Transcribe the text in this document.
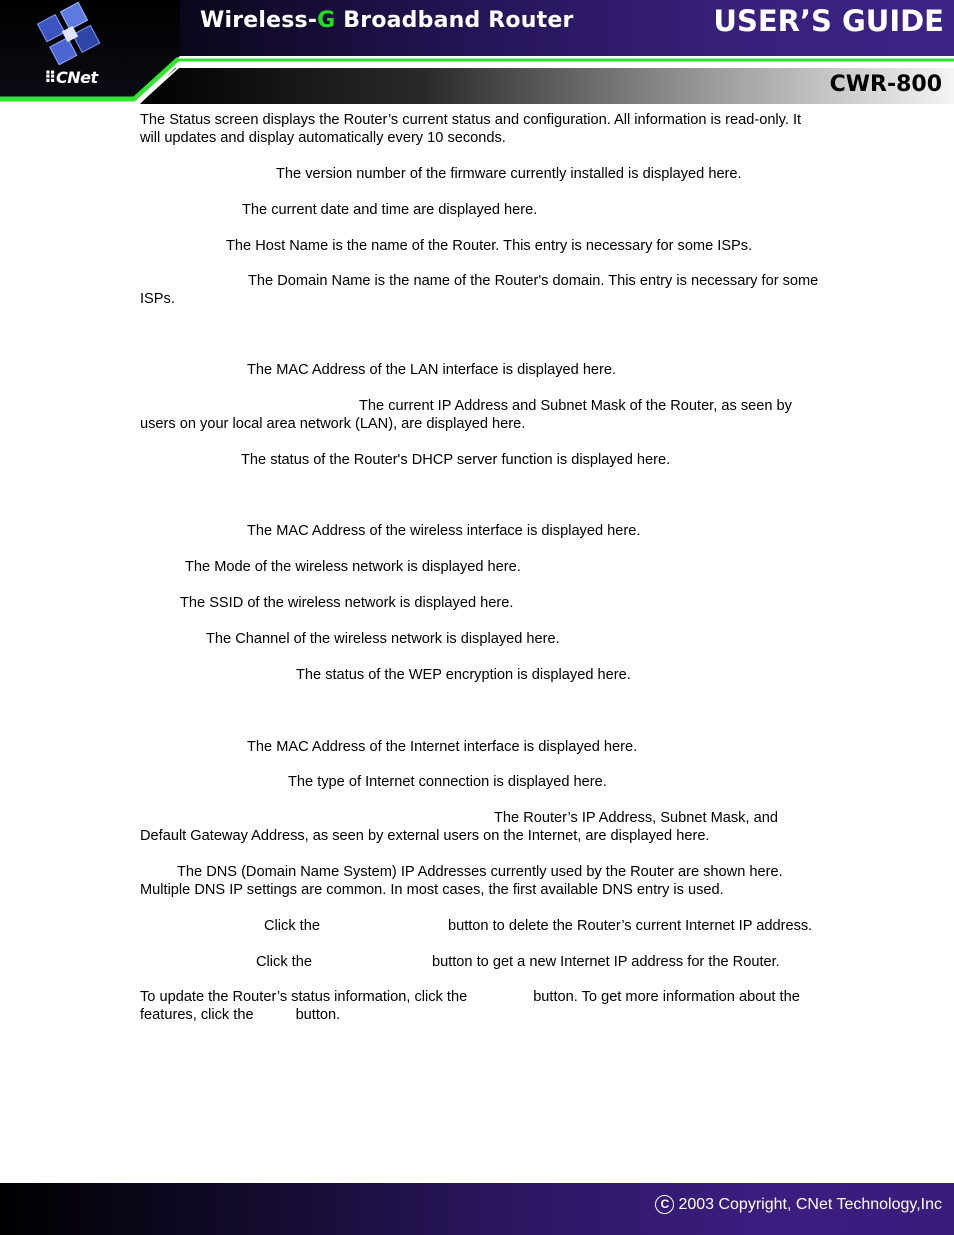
⠿CNet
Wireless-G Broadband Router	USER’S GUIDE
CWR-800

The Status screen displays the Router’s current status and configuration. All information is read-only. It will updates and display automatically every 10 seconds.

The version number of the firmware currently installed is displayed here.

The current date and time are displayed here.

The Host Name is the name of the Router. This entry is necessary for some ISPs.

The Domain Name is the name of the Router's domain. This entry is necessary for some ISPs.

The MAC Address of the LAN interface is displayed here.

The current IP Address and Subnet Mask of the Router, as seen by users on your local area network (LAN), are displayed here.

The status of the Router's DHCP server function is displayed here.

The MAC Address of the wireless interface is displayed here.

The Mode of the wireless network is displayed here.

The SSID of the wireless network is displayed here.

The Channel of the wireless network is displayed here.

The status of the WEP encryption is displayed here.

The MAC Address of the Internet interface is displayed here.

The type of Internet connection is displayed here.

The Router’s IP Address, Subnet Mask, and Default Gateway Address, as seen by external users on the Internet, are displayed here.

The DNS (Domain Name System) IP Addresses currently used by the Router are shown here. Multiple DNS IP settings are common. In most cases, the first available DNS entry is used.

Click the	button to delete the Router’s current Internet IP address.

Click the	button to get a new Internet IP address for the Router.

To update the Router’s status information, click the	button. To get more information about the features, click the	button.

C 2003 Copyright, CNet Technology,Inc
